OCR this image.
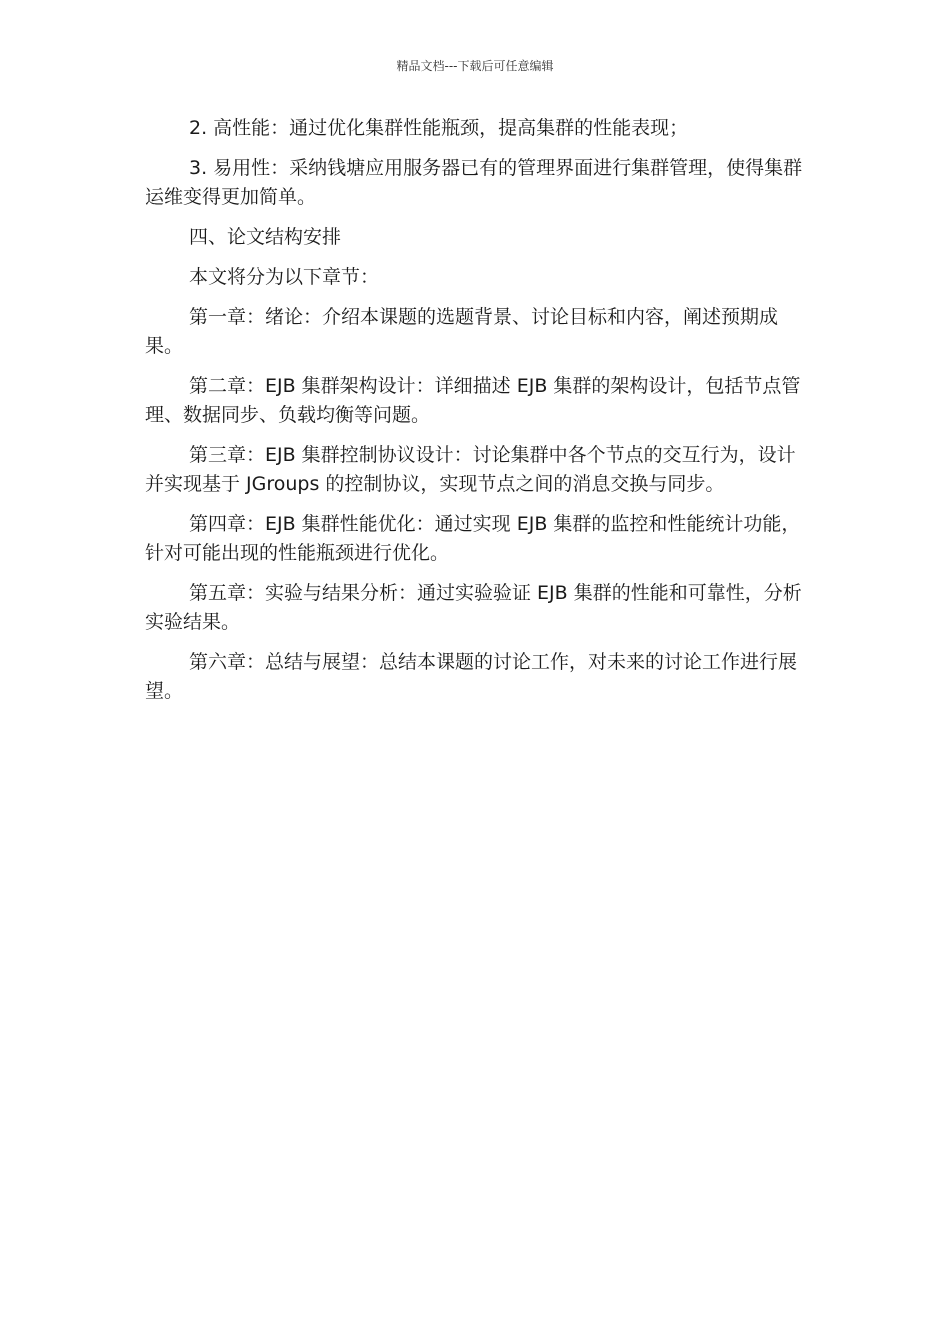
精品文档---下载后可任意编辑

2. 高性能：通过优化集群性能瓶颈，提高集群的性能表现；

3. 易用性：采纳钱塘应用服务器已有的管理界面进行集群管理，使得集群运维变得更加简单。

四、论文结构安排

本文将分为以下章节：

第一章：绪论：介绍本课题的选题背景、讨论目标和内容，阐述预期成果。

第二章：EJB 集群架构设计：详细描述 EJB 集群的架构设计，包括节点管理、数据同步、负载均衡等问题。

第三章：EJB 集群控制协议设计：讨论集群中各个节点的交互行为，设计并实现基于 JGroups 的控制协议，实现节点之间的消息交换与同步。

第四章：EJB 集群性能优化：通过实现 EJB 集群的监控和性能统计功能，针对可能出现的性能瓶颈进行优化。

第五章：实验与结果分析：通过实验验证 EJB 集群的性能和可靠性，分析实验结果。

第六章：总结与展望：总结本课题的讨论工作，对未来的讨论工作进行展望。
